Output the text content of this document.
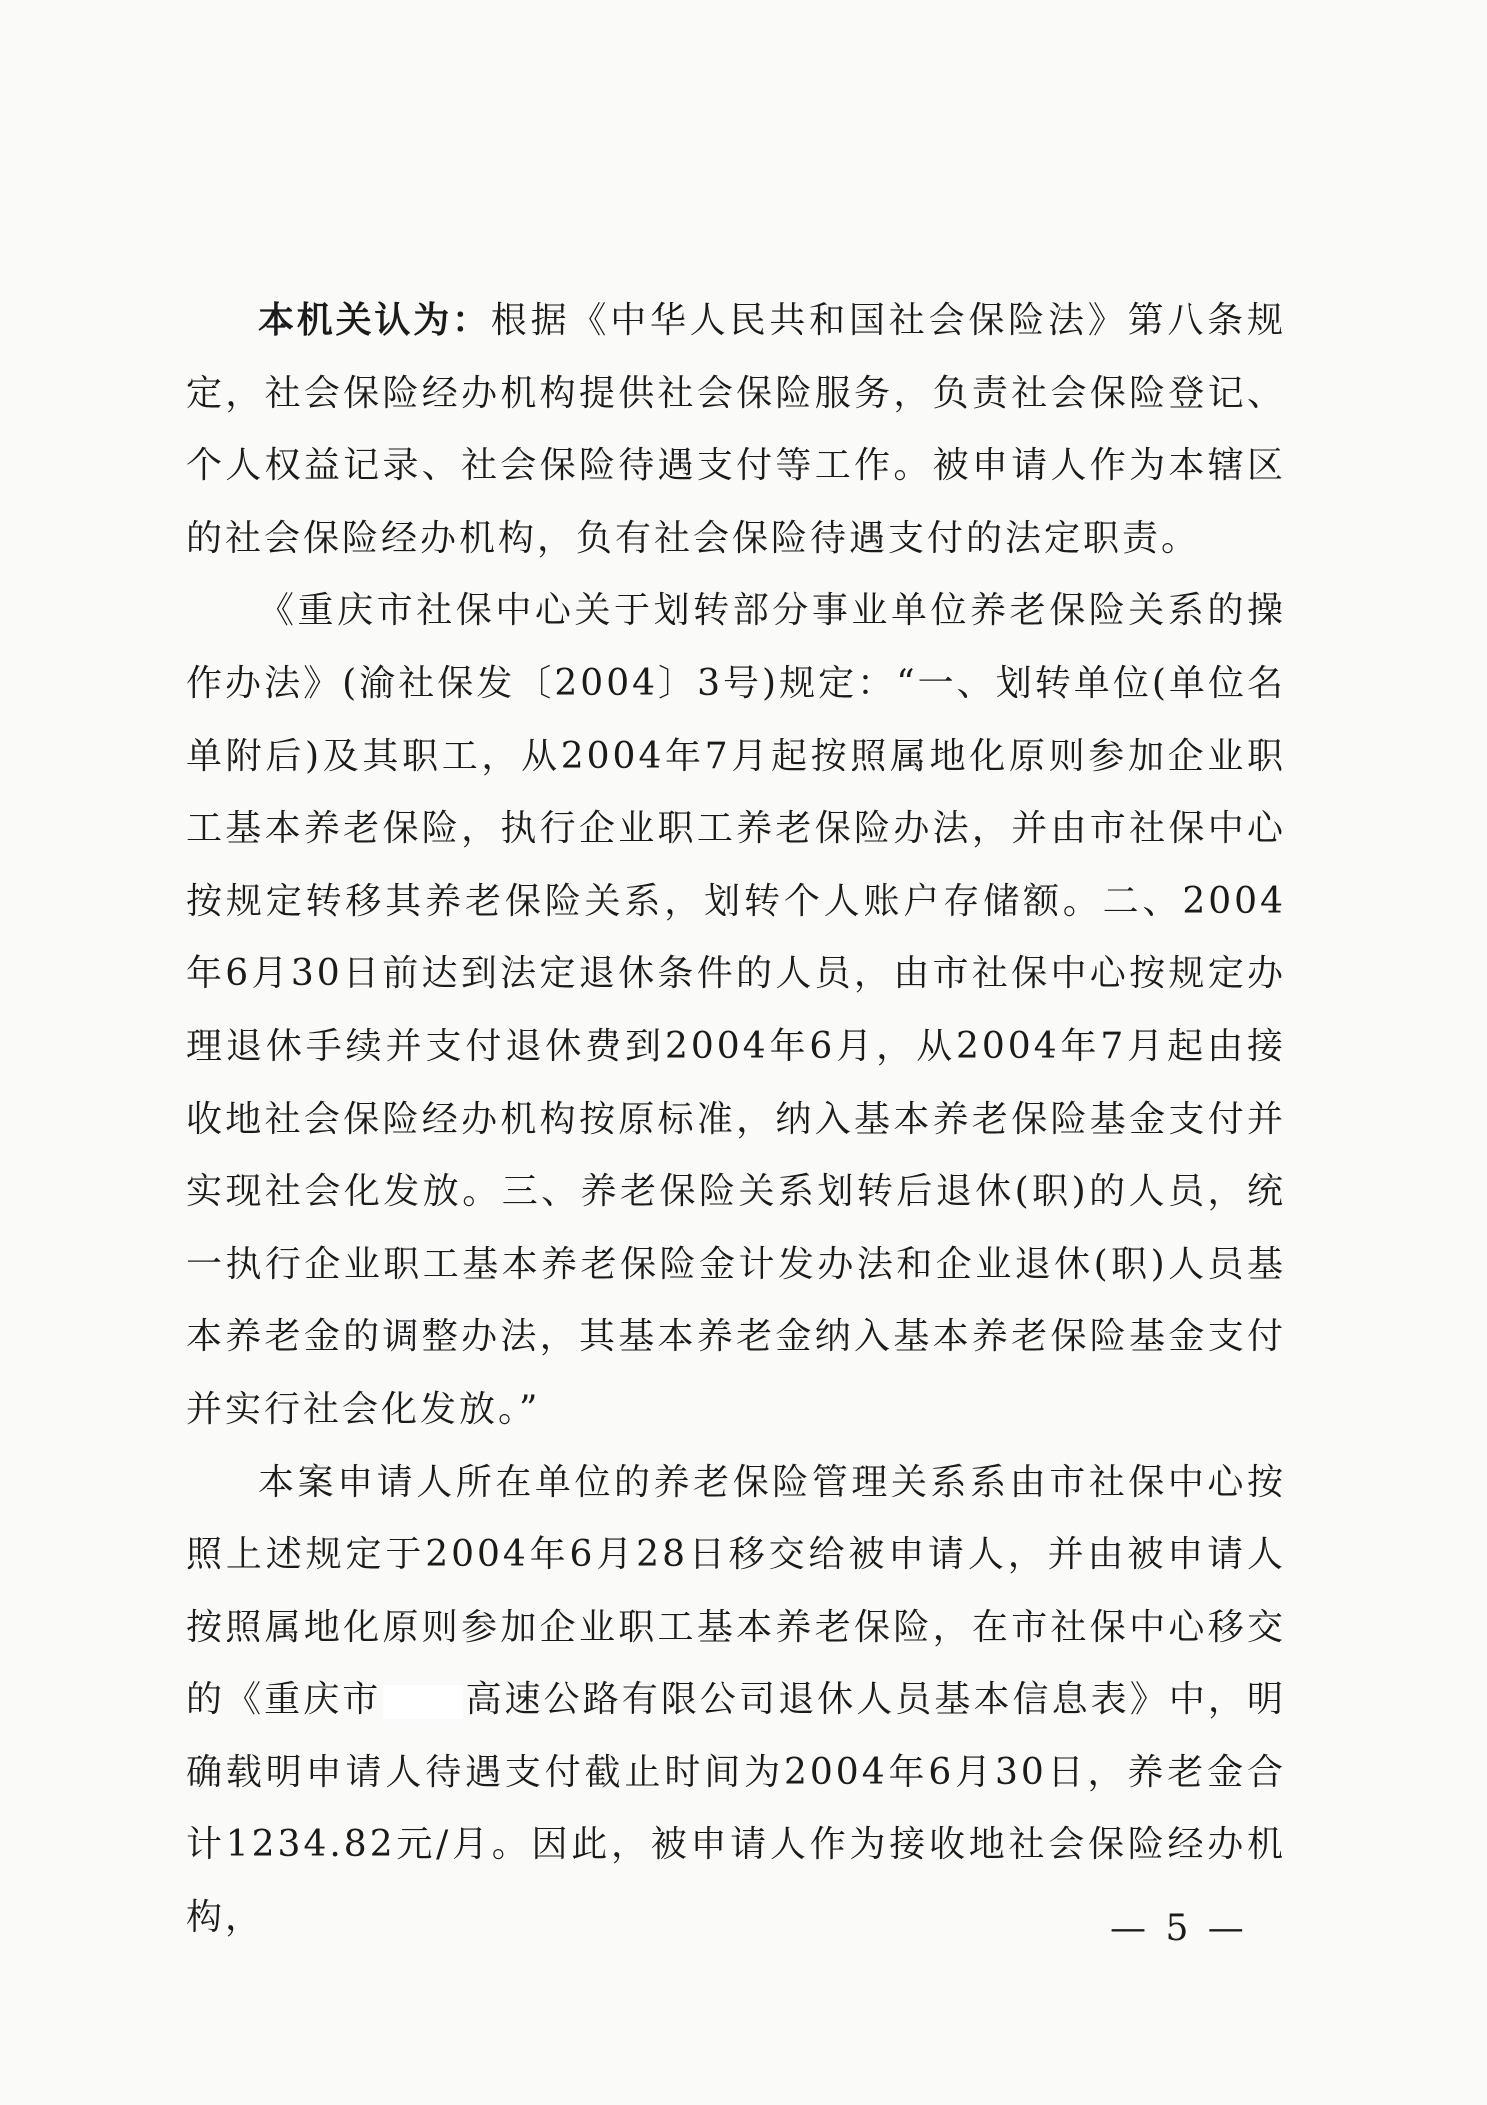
本机关认为：根据《中华人民共和国社会保险法》第八条规定，社会保险经办机构提供社会保险服务，负责社会保险登记、个人权益记录、社会保险待遇支付等工作。被申请人作为本辖区的社会保险经办机构，负有社会保险待遇支付的法定职责。

《重庆市社保中心关于划转部分事业单位养老保险关系的操作办法》(渝社保发〔2004〕3号)规定：“一、划转单位(单位名单附后)及其职工，从2004年7月起按照属地化原则参加企业职工基本养老保险，执行企业职工养老保险办法，并由市社保中心按规定转移其养老保险关系，划转个人账户存储额。二、2004年6月30日前达到法定退休条件的人员，由市社保中心按规定办理退休手续并支付退休费到2004年6月，从2004年7月起由接收地社会保险经办机构按原标准，纳入基本养老保险基金支付并实现社会化发放。三、养老保险关系划转后退休(职)的人员，统一执行企业职工基本养老保险金计发办法和企业退休(职)人员基本养老金的调整办法，其基本养老金纳入基本养老保险基金支付并实行社会化发放。”

本案申请人所在单位的养老保险管理关系系由市社保中心按照上述规定于2004年6月28日移交给被申请人，并由被申请人按照属地化原则参加企业职工基本养老保险，在市社保中心移交的《重庆市 高速公路有限公司退休人员基本信息表》中，明确载明申请人待遇支付截止时间为2004年6月30日，养老金合计1234.82元/月。因此，被申请人作为接收地社会保险经办机构，	— 5 —
